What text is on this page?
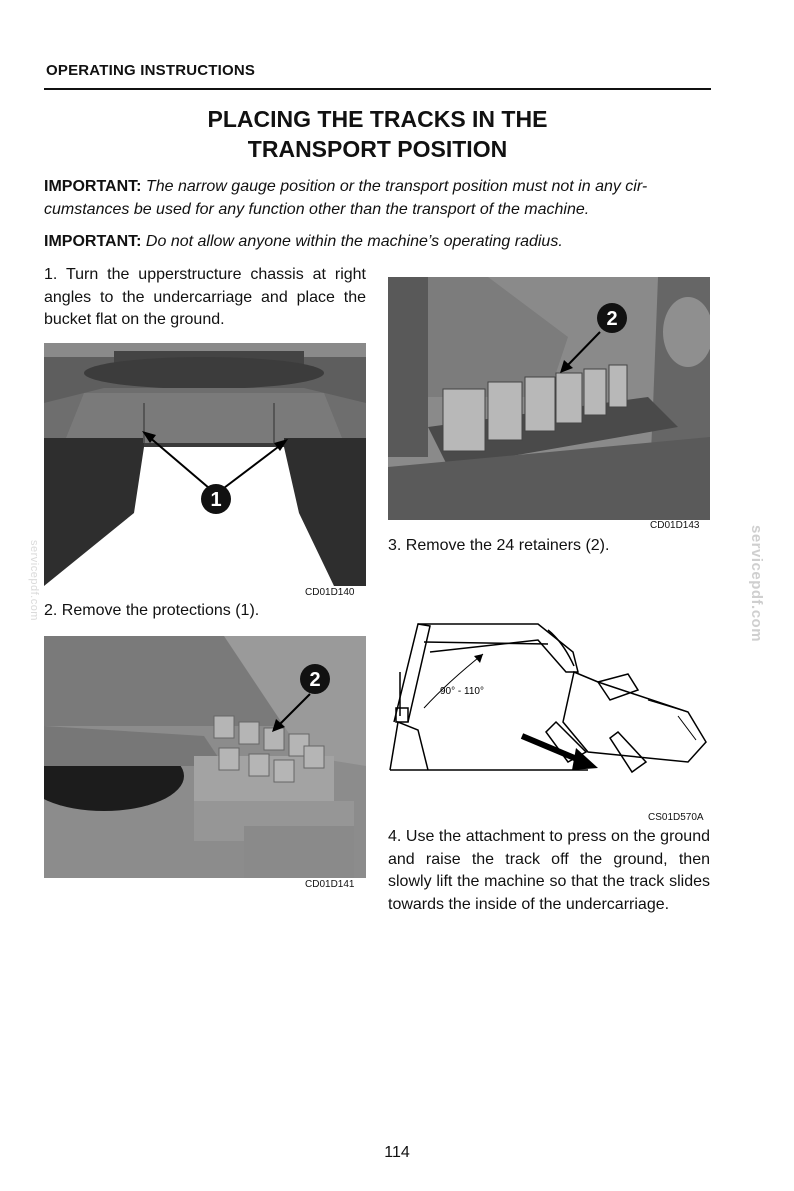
OPERATING INSTRUCTIONS
PLACING THE TRACKS IN THE
TRANSPORT POSITION
IMPORTANT: The narrow gauge position or the transport position must not in any cir-
cumstances be used for any function other than the transport of the machine.
IMPORTANT: Do not allow anyone within the machine’s operating radius.
1. Turn the upperstructure chassis at right angles to the undercarriage and place the bucket flat on the ground.
1
CD01D140
2. Remove the protections (1).
2
CD01D141
2
CD01D143
3. Remove the 24 retainers (2).
90° - 110°
CS01D570A
4. Use the attachment to press on the ground and raise the track off the ground, then slowly lift the machine so that the track slides towards the inside of the undercarriage.
servicepdf.com	servicepdf.com
114
